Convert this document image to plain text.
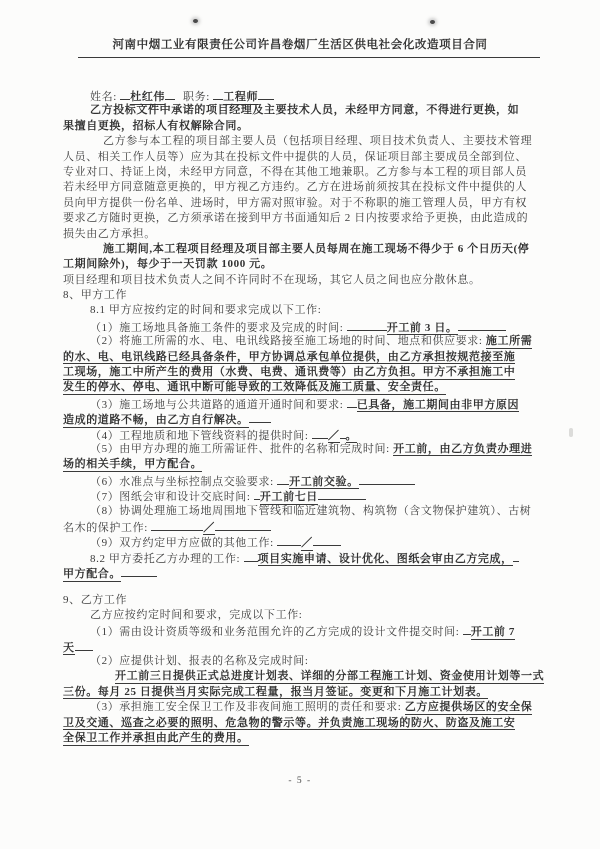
河南中烟工业有限责任公司许昌卷烟厂生活区供电社会化改造项目合同
姓名: 杜红伟 职务: 工程师
乙方投标文件中承诺的项目经理及主要技术人员，未经甲方同意，不得进行更换，如
果擅自更换，招标人有权解除合同。
乙方参与本工程的项目部主要人员（包括项目经理、项目技术负责人、主要技术管理
人员、相关工作人员等）应为其在投标文件中提供的人员，保证项目部主要成员全部到位、
专业对口、持证上岗，未经甲方同意，不得在其他工地兼职。乙方参与本工程的项目部人员
若未经甲方同意随意更换的，甲方视乙方违约。乙方在进场前须按其在投标文件中提供的人
员向甲方提供一份名单、进场时，甲方需对照审验。对于不称职的施工管理人员，甲方有权
要求乙方随时更换，乙方须承诺在接到甲方书面通知后 2 日内按要求给予更换，由此造成的
损失由乙方承担。
施工期间,本工程项目经理及项目部主要人员每周在施工现场不得少于 6 个日历天(停
工期间除外)，每少于一天罚款 1000 元。
项目经理和项目技术负责人之间不许同时不在现场，其它人员之间也应分散休息。
8、甲方工作
8.1 甲方应按约定的时间和要求完成以下工作:
（1）施工场地具备施工条件的要求及完成的时间:	开工前 3 日。
（2）将施工所需的水、电、电讯线路接至施工场地的时间、地点和供应要求: 施工所需
的水、电、电讯线路已经具备条件，甲方协调总承包单位提供，由乙方承担按规范接至施
工现场，施工中所产生的费用（水费、电费、通讯费等）由乙方负担。甲方不承担施工中
发生的停水、停电、通讯中断可能导致的工效降低及施工质量、安全责任。
（3）施工场地与公共道路的通道开通时间和要求: 已具备，施工期间由非甲方原因
造成的道路不畅，由乙方自行解决。
（4）工程地质和地下管线资料的提供时间: ／ 。
（5）由甲方办理的施工所需证件、批件的名称和完成时间: 开工前，由乙方负责办理进
场的相关手续，甲方配合。
（6）水准点与坐标控制点交验要求: 开工前交验。
（7）图纸会审和设计交底时间: 开工前七日
（8）协调处理施工场地周围地下管线和临近建筑物、构筑物（含文物保护建筑）、古树
名木的保护工作:	／
（9）双方约定甲方应做的其他工作: ／
8.2 甲方委托乙方办理的工作: 项目实施申请、设计优化、图纸会审由乙方完成，
甲方配合。
9、乙方工作
乙方应按约定时间和要求，完成以下工作:
（1）需由设计资质等级和业务范围允许的乙方完成的设计文件提交时间: 开工前 7
天
（2）应提供计划、报表的名称及完成时间:
开工前三日提供正式总进度计划表、详细的分部工程施工计划、资金使用计划等一式
三份。每月 25 日提供当月实际完成工程量，报当月签证。变更和下月施工计划表。
（3）承担施工安全保卫工作及非夜间施工照明的责任和要求: 乙方应提供场区的安全保
卫及交通、巡查之必要的照明、危急物的警示等。并负责施工现场的防火、防盗及施工安
全保卫工作并承担由此产生的费用。
- 5 -
